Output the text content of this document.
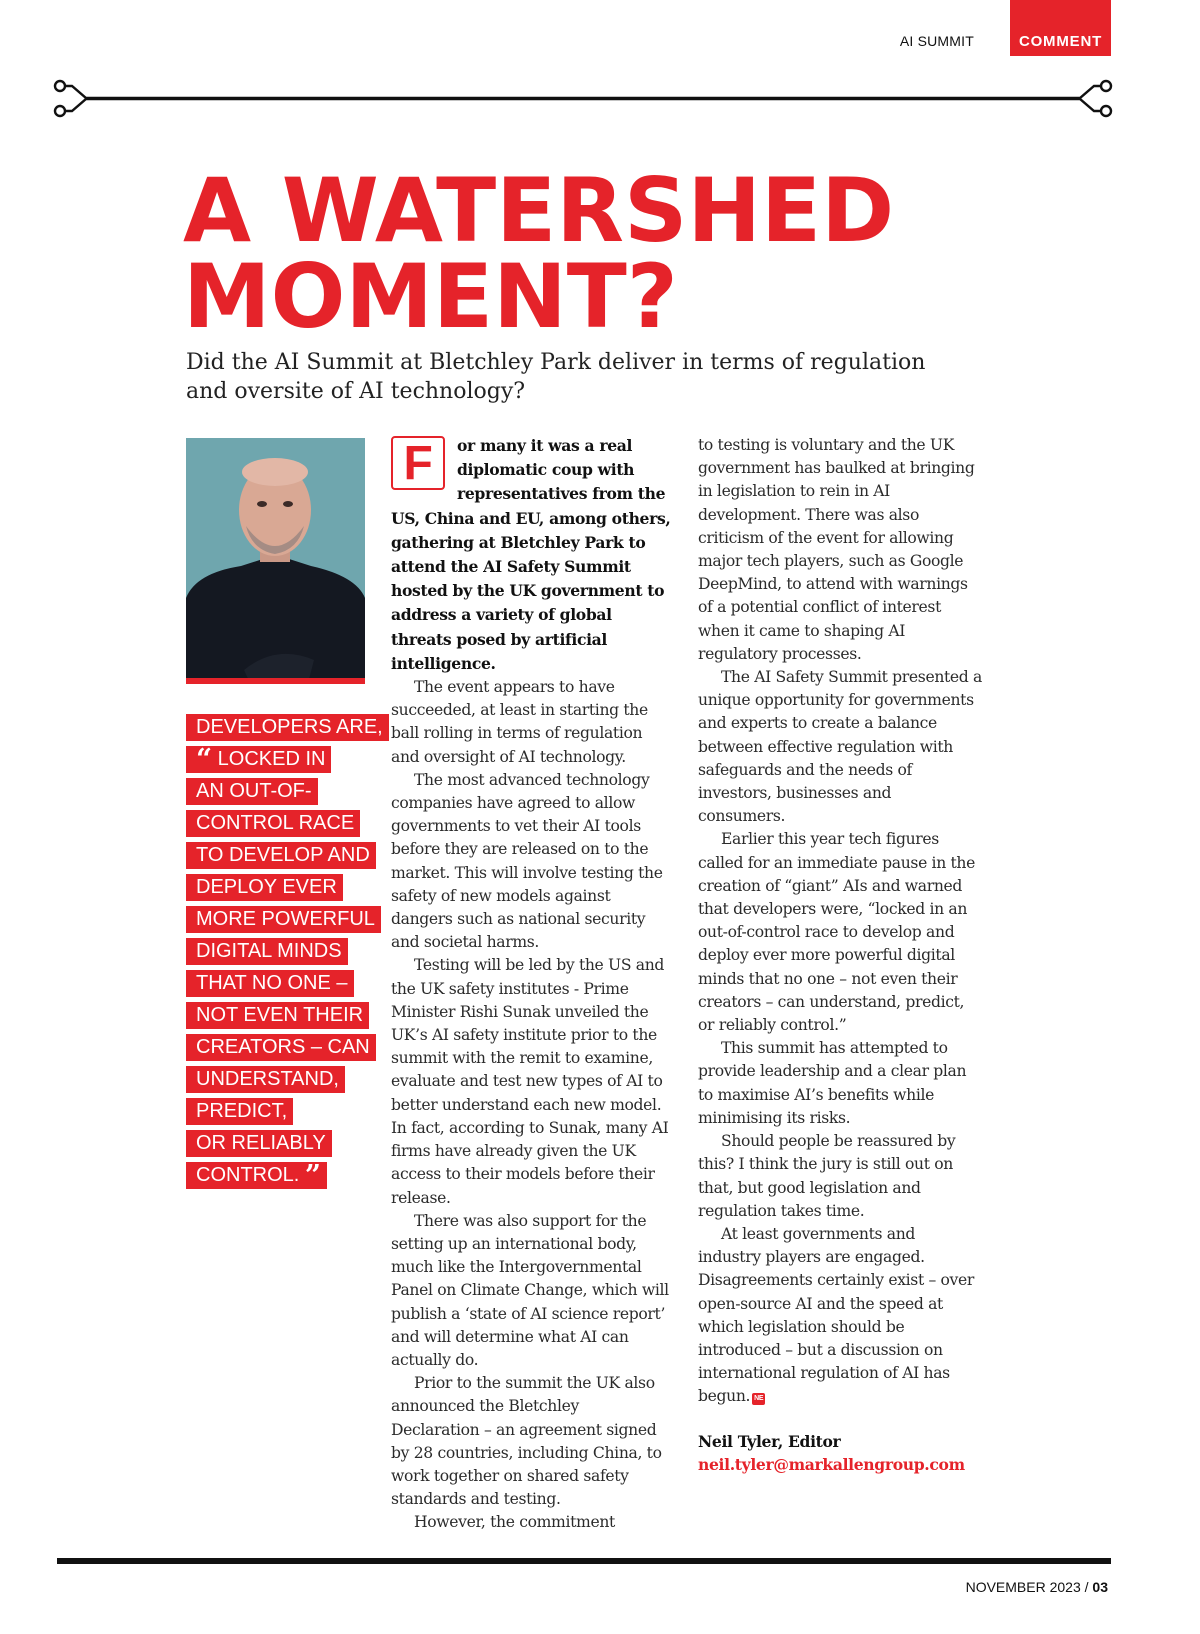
AI SUMMIT	COMMENT
A WATERSHED
MOMENT?

Did the AI Summit at Bletchley Park deliver in terms of regulation and oversite of AI technology?

DEVELOPERS ARE,
“ LOCKED IN
AN OUT-OF-
CONTROL RACE
TO DEVELOP AND
DEPLOY EVER
MORE POWERFUL
DIGITAL MINDS
THAT NO ONE –
NOT EVEN THEIR
CREATORS – CAN
UNDERSTAND,
PREDICT,
OR RELIABLY
CONTROL. ”

F	or many it was a real diplomatic coup with representatives from the US, China and EU, among others, gathering at Bletchley Park to attend the AI Safety Summit hosted by the UK government to address a variety of global threats posed by artificial intelligence.

The event appears to have succeeded, at least in starting the ball rolling in terms of regulation and oversight of AI technology.

The most advanced technology companies have agreed to allow governments to vet their AI tools before they are released on to the market. This will involve testing the safety of new models against dangers such as national security and societal harms.

Testing will be led by the US and the UK safety institutes - Prime Minister Rishi Sunak unveiled the UK’s AI safety institute prior to the summit with the remit to examine, evaluate and test new types of AI to better understand each new model. In fact, according to Sunak, many AI firms have already given the UK access to their models before their release.

There was also support for the setting up an international body, much like the Intergovernmental Panel on Climate Change, which will publish a ‘state of AI science report’ and will determine what AI can actually do.

Prior to the summit the UK also announced the Bletchley Declaration – an agreement signed by 28 countries, including China, to work together on shared safety standards and testing.

However, the commitment

to testing is voluntary and the UK government has baulked at bringing in legislation to rein in AI development. There was also criticism of the event for allowing major tech players, such as Google DeepMind, to attend with warnings of a potential conflict of interest when it came to shaping AI regulatory processes.

The AI Safety Summit presented a unique opportunity for governments and experts to create a balance between effective regulation with safeguards and the needs of investors, businesses and consumers.

Earlier this year tech figures called for an immediate pause in the creation of “giant” AIs and warned that developers were, “locked in an out-of-control race to develop and deploy ever more powerful digital minds that no one – not even their creators – can understand, predict, or reliably control.”

This summit has attempted to provide leadership and a clear plan to maximise AI’s benefits while minimising its risks.

Should people be reassured by this? I think the jury is still out on that, but good legislation and regulation takes time.

At least governments and industry players are engaged. Disagreements certainly exist – over open-source AI and the speed at which legislation should be introduced – but a discussion on international regulation of AI has begun. NE

Neil Tyler, Editor
neil.tyler@markallengroup.com
NOVEMBER 2023 / 03
